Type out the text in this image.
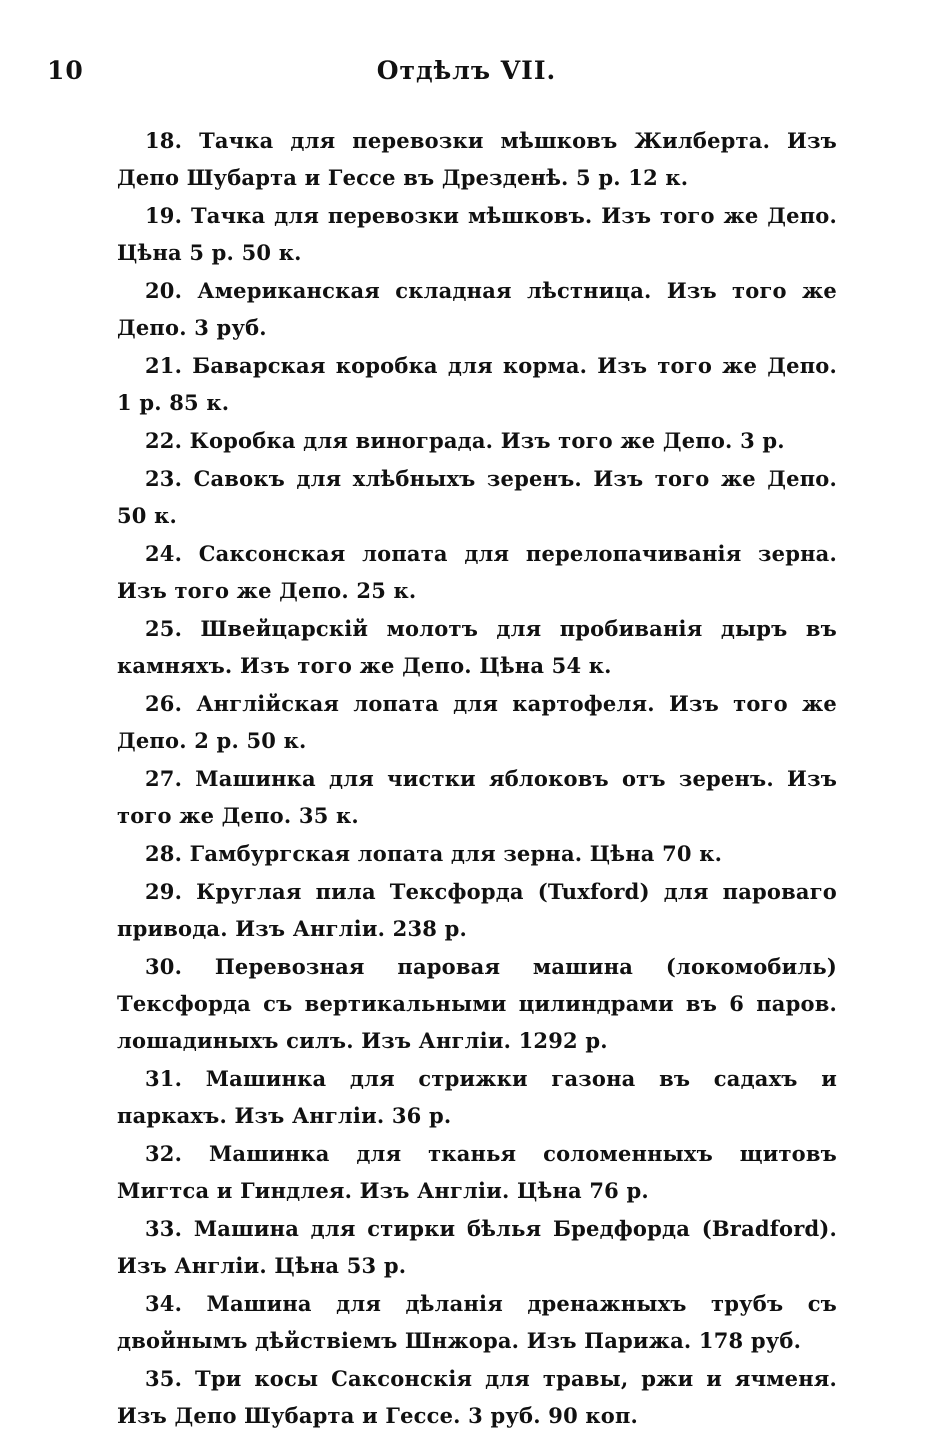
10	Отдѣлъ VII.

18. Тачка для перевозки мѣшковъ Жилберта. Изъ Депо Шубарта и Гессе въ Дрезденѣ. 5 р. 12 к.

19. Тачка для перевозки мѣшковъ. Изъ того же Депо. Цѣна 5 р. 50 к.

20. Американская складная лѣстница. Изъ того же Депо. 3 руб.

21. Баварская коробка для корма. Изъ того же Депо. 1 р. 85 к.

22. Коробка для винограда. Изъ того же Депо. 3 р.

23. Савокъ для хлѣбныхъ зеренъ. Изъ того же Депо. 50 к.

24. Саксонская лопата для перелопачиванія зерна. Изъ того же Депо. 25 к.

25. Швейцарскій молотъ для пробиванія дыръ въ камняхъ. Изъ того же Депо. Цѣна 54 к.

26. Англійская лопата для картофеля. Изъ того же Депо. 2 р. 50 к.

27. Машинка для чистки яблоковъ отъ зеренъ. Изъ того же Депо. 35 к.

28. Гамбургская лопата для зерна. Цѣна 70 к.

29. Круглая пила Тексфорда (Tuxford) для пароваго привода. Изъ Англіи. 238 р.

30. Перевозная паровая машина (локомобиль) Тексфорда съ вертикальными цилиндрами въ 6 паров. лошадиныхъ силъ. Изъ Англіи. 1292 р.

31. Машинка для стрижки газона въ садахъ и паркахъ. Изъ Англіи. 36 р.

32. Машинка для тканья соломенныхъ щитовъ Мигтса и Гиндлея. Изъ Англіи. Цѣна 76 р.

33. Машина для стирки бѣлья Бредфорда (Bradford). Изъ Англіи. Цѣна 53 р.

34. Машина для дѣланія дренажныхъ трубъ съ двойнымъ дѣйствіемъ Шнжора. Изъ Парижа. 178 руб.

35. Три косы Саксонскія для травы, ржи и ячменя. Изъ Депо Шубарта и Гессе. 3 руб. 90 коп.
